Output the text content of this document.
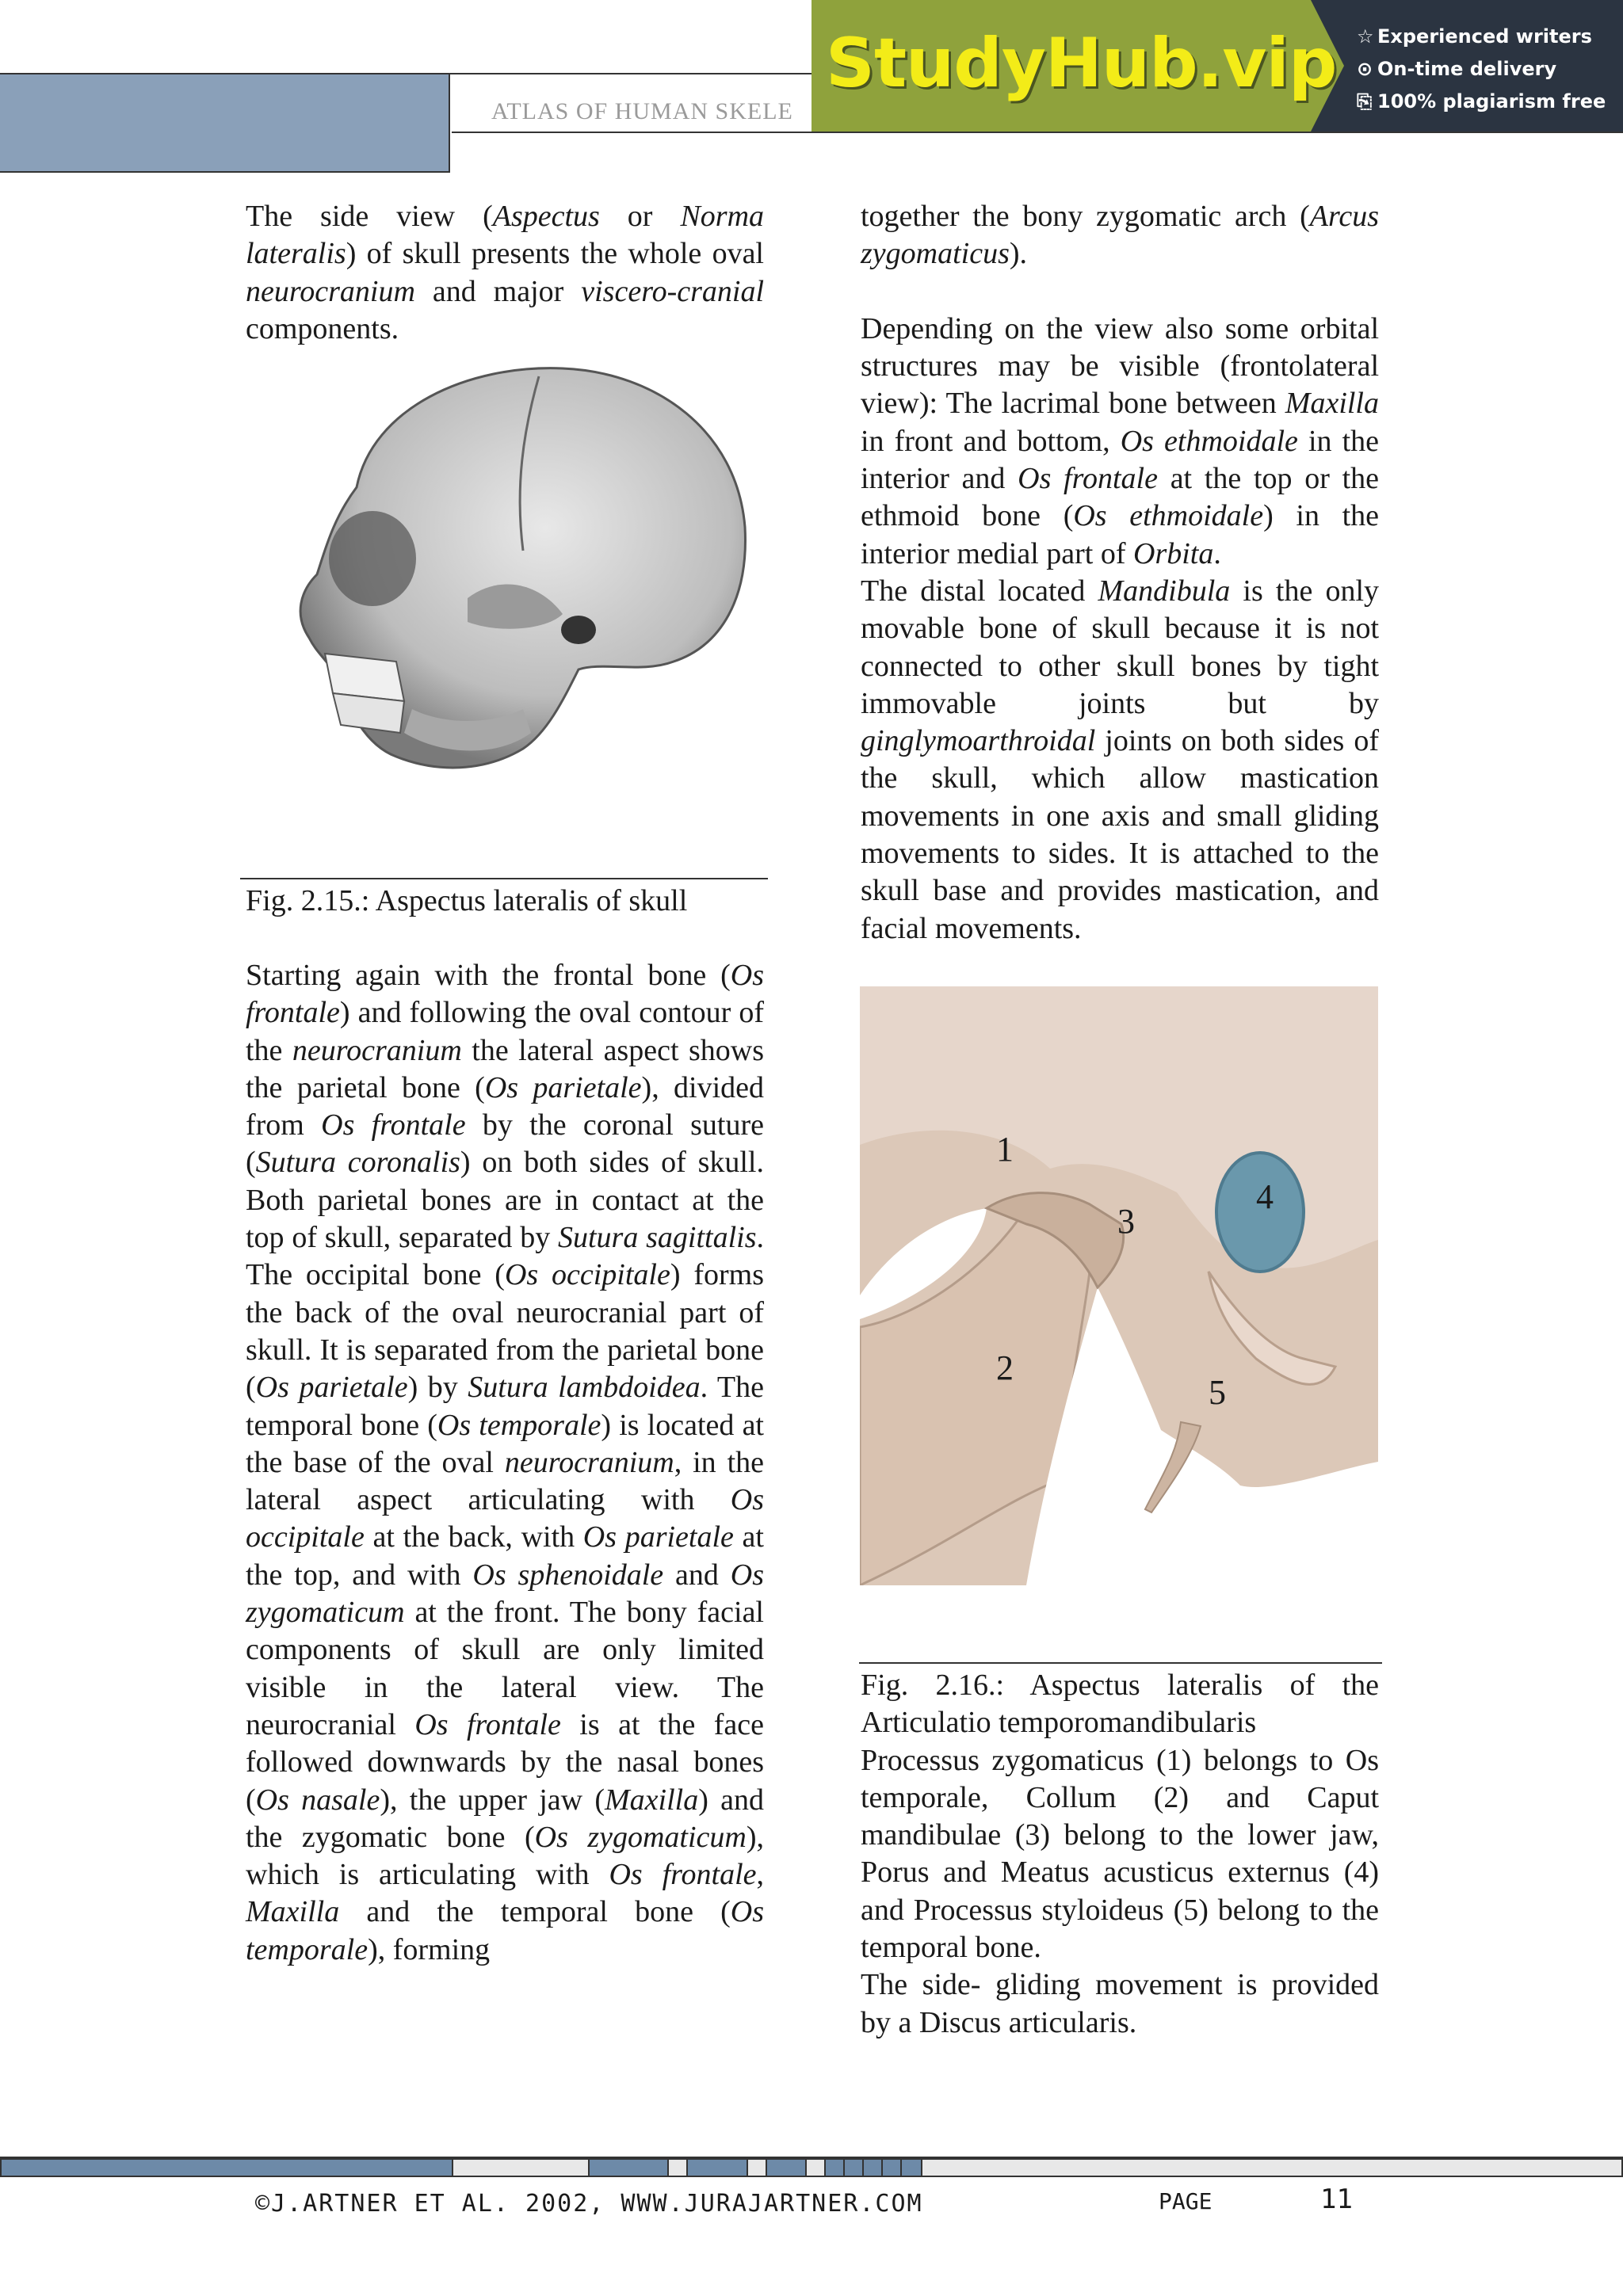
ATLAS OF HUMAN SKELE
StudyHub.vip ☆ Experienced writers
⊙ On-time delivery
⎘ 100% plagiarism free

The side view (Aspectus or Norma lateralis) of skull presents the whole oval neurocranium and major viscero-cranial components.

Fig. 2.15.: Aspectus lateralis of skull

Starting again with the frontal bone (Os frontale) and following the oval contour of the neurocranium the lateral aspect shows the parietal bone (Os parietale), divided from Os frontale by the coronal suture (Sutura coronalis) on both sides of skull. Both parietal bones are in contact at the top of skull, separated by Sutura sagittalis. The occipital bone (Os occipitale) forms the back of the oval neurocranial part of skull. It is separated from the parietal bone (Os parietale) by Sutura lambdoidea. The temporal bone (Os temporale) is located at the base of the oval neurocranium, in the lateral aspect articulating with Os occipitale at the back, with Os parietale at the top, and with Os sphenoidale and Os zygomaticum at the front. The bony facial components of skull are only limited visible in the lateral view. The neurocranial Os frontale is at the face followed downwards by the nasal bones (Os nasale), the upper jaw (Maxilla) and the zygomatic bone (Os zygomaticum), which is articulating with Os frontale, Maxilla and the temporal bone (Os temporale), forming

together the bony zygomatic arch (Arcus zygomaticus).

Depending on the view also some orbital structures may be visible (frontolateral view): The lacrimal bone between Maxilla in front and bottom, Os ethmoidale in the interior and Os frontale at the top or the ethmoid bone (Os ethmoidale) in the interior medial part of Orbita.

The distal located Mandibula is the only movable bone of skull because it is not connected to other skull bones by tight immovable joints but by ginglymoarthroidal joints on both sides of the skull, which allow mastication movements in one axis and small gliding movements to sides. It is attached to the skull base and provides mastication, and facial movements.

1
2
3
4
5

Fig. 2.16.: Aspectus lateralis of the Articulatio temporomandibularis

Processus zygomaticus (1) belongs to Os temporale, Collum (2) and Caput mandibulae (3) belong to the lower jaw, Porus and Meatus acusticus externus (4) and Processus styloideus (5) belong to the temporal bone.

The side- gliding movement is provided by a Discus articularis.

©J.ARTNER ET AL. 2002, WWW.JURAJARTNER.COM	PAGE	11
